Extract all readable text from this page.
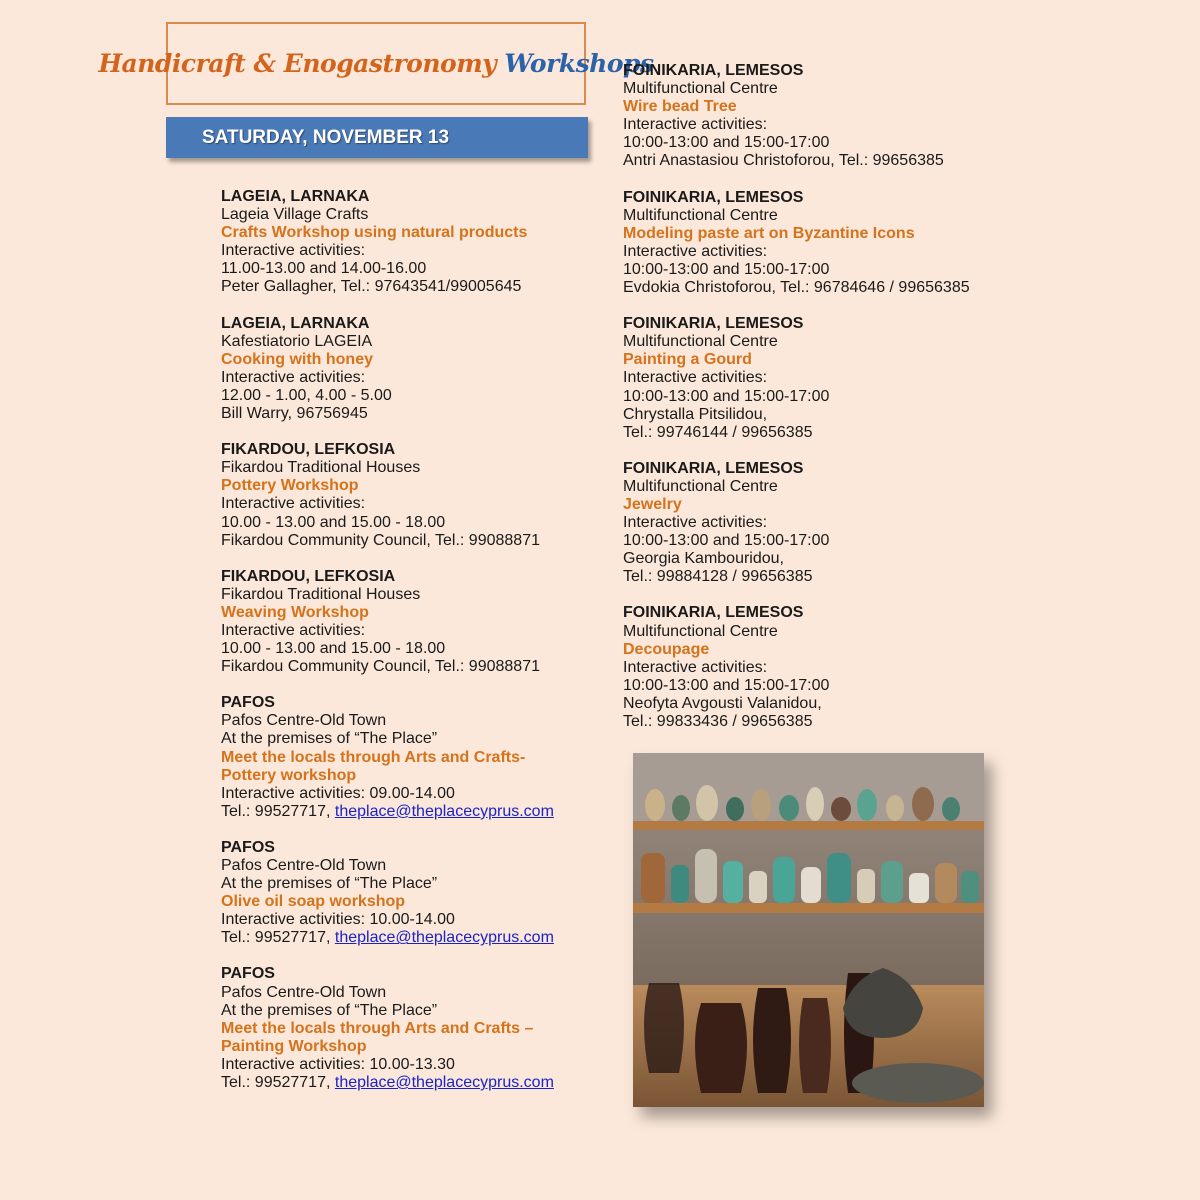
Handicraft & Enogastronomy Workshops
SATURDAY, NOVEMBER 13
LAGEIA, LARNAKA
Lageia Village Crafts
Crafts Workshop using natural products
Interactive activities:
11.00-13.00 and 14.00-16.00
Peter Gallagher, Tel.: 97643541/99005645
LAGEIA, LARNAKA
Kafestiatorio LAGEIA
Cooking with honey
Interactive activities:
12.00 - 1.00, 4.00 - 5.00
Bill Warry, 96756945
FIKARDOU, LEFKOSIA
Fikardou Traditional Houses
Pottery Workshop
Interactive activities:
10.00 - 13.00 and 15.00 - 18.00
Fikardou Community Council, Tel.: 99088871
FIKARDOU, LEFKOSIA
Fikardou Traditional Houses
Weaving Workshop
Interactive activities:
10.00 - 13.00 and 15.00 - 18.00
Fikardou Community Council, Tel.: 99088871
PAFOS
Pafos Centre-Old Town
At the premises of “The Place”
Meet the locals through Arts and Crafts-
Pottery workshop
Interactive activities: 09.00-14.00
Tel.: 99527717, theplace@theplacecyprus.com
PAFOS
Pafos Centre-Old Town
At the premises of “The Place”
Olive oil soap workshop
Interactive activities: 10.00-14.00
Tel.: 99527717, theplace@theplacecyprus.com
PAFOS
Pafos Centre-Old Town
At the premises of “The Place”
Meet the locals through Arts and Crafts –
Painting Workshop
Interactive activities: 10.00-13.30
Tel.: 99527717, theplace@theplacecyprus.com
FOINIKARIA, LEMESOS
Multifunctional Centre
Wire bead Tree
Interactive activities:
10:00-13:00 and 15:00-17:00
Antri Anastasiou Christoforou, Tel.: 99656385
FOINIKARIA, LEMESOS
Multifunctional Centre
Modeling paste art on Byzantine Icons
Interactive activities:
10:00-13:00 and 15:00-17:00
Evdokia Christoforou, Tel.: 96784646 / 99656385
FOINIKARIA, LEMESOS
Multifunctional Centre
Painting a Gourd
Interactive activities:
10:00-13:00 and 15:00-17:00
Chrystalla Pitsilidou,
Tel.: 99746144 / 99656385
FOINIKARIA, LEMESOS
Multifunctional Centre
Jewelry
Interactive activities:
10:00-13:00 and 15:00-17:00
Georgia Kambouridou,
Tel.: 99884128 / 99656385
FOINIKARIA, LEMESOS
Multifunctional Centre
Decoupage
Interactive activities:
10:00-13:00 and 15:00-17:00
Neofyta Avgousti Valanidou,
Tel.: 99833436 / 99656385
